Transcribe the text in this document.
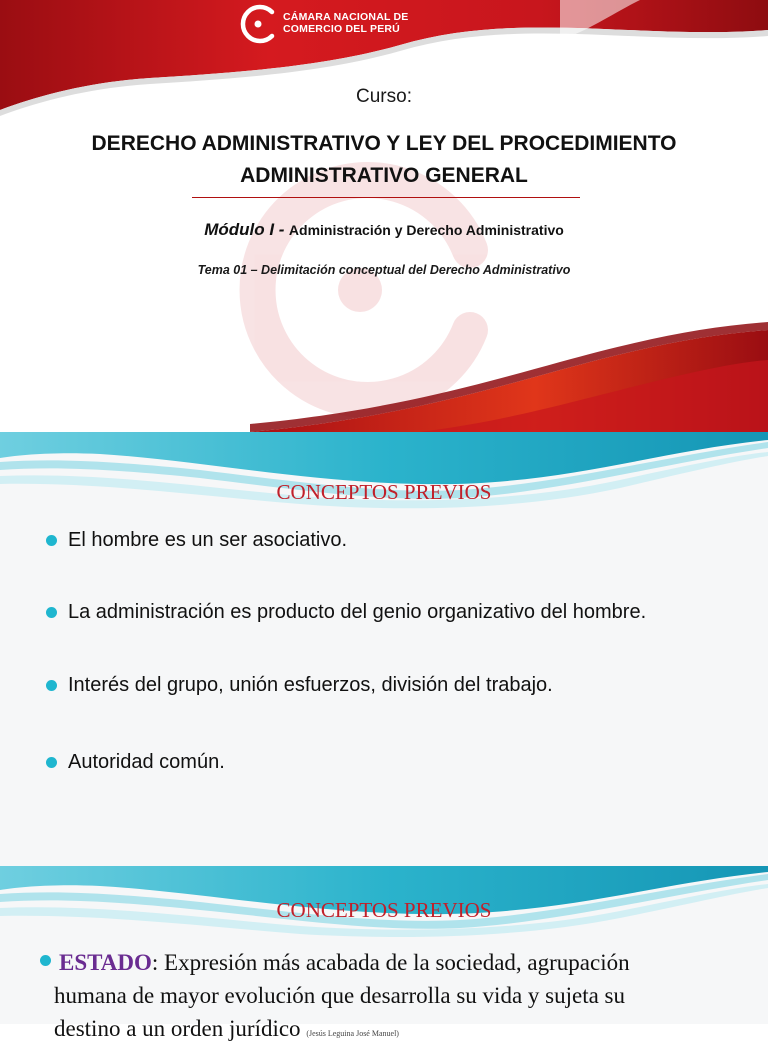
CÁMARA NACIONAL DE
COMERCIO DEL PERÚ
Curso:
DERECHO ADMINISTRATIVO Y LEY DEL PROCEDIMIENTO
ADMINISTRATIVO GENERAL
Módulo I - Administración y Derecho Administrativo
Tema 01 – Delimitación conceptual del Derecho Administrativo
CONCEPTOS PREVIOS
El hombre es un ser asociativo.
La administración es producto del genio organizativo del hombre.
Interés del grupo, unión esfuerzos, división del trabajo.
Autoridad común.
CONCEPTOS PREVIOS
ESTADO: Expresión más acabada de la sociedad, agrupación
humana de mayor evolución que desarrolla su vida y sujeta su
destino a un orden jurídico (Jesús Leguina José Manuel)
